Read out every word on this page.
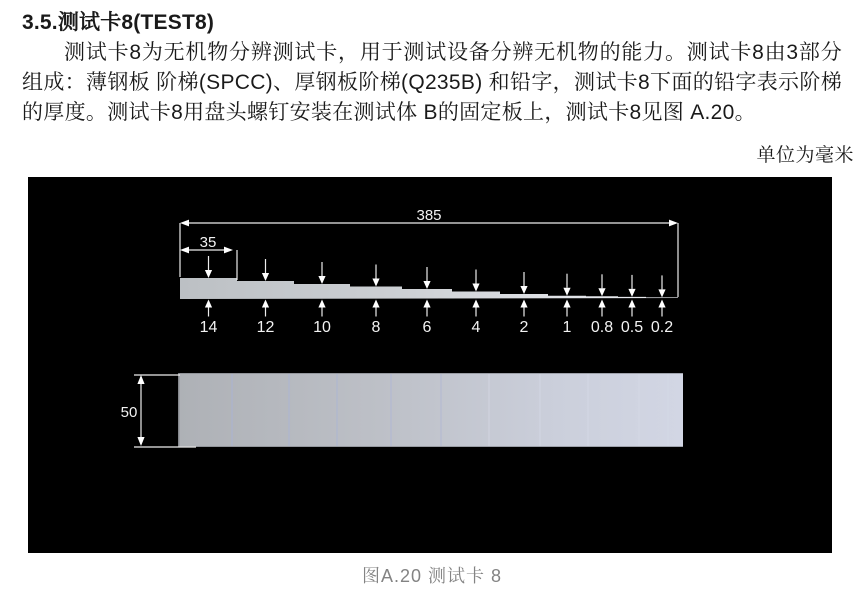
3.5.测试卡8(TEST8)

测试卡8为无机物分辨测试卡，用于测试设备分辨无机物的能力。测试卡8由3部分组成：薄钢板 阶梯(SPCC)、厚钢板阶梯(Q235B) 和铅字，测试卡8下面的铅字表示阶梯的厚度。测试卡8用盘头螺钉安装在测试体 B的固定板上，测试卡8见图 A.20。

单位为毫米
385
35
14 12 10	8	6	4 2 1 0.8 0.5 0.2
50
图A.20 测试卡 8
